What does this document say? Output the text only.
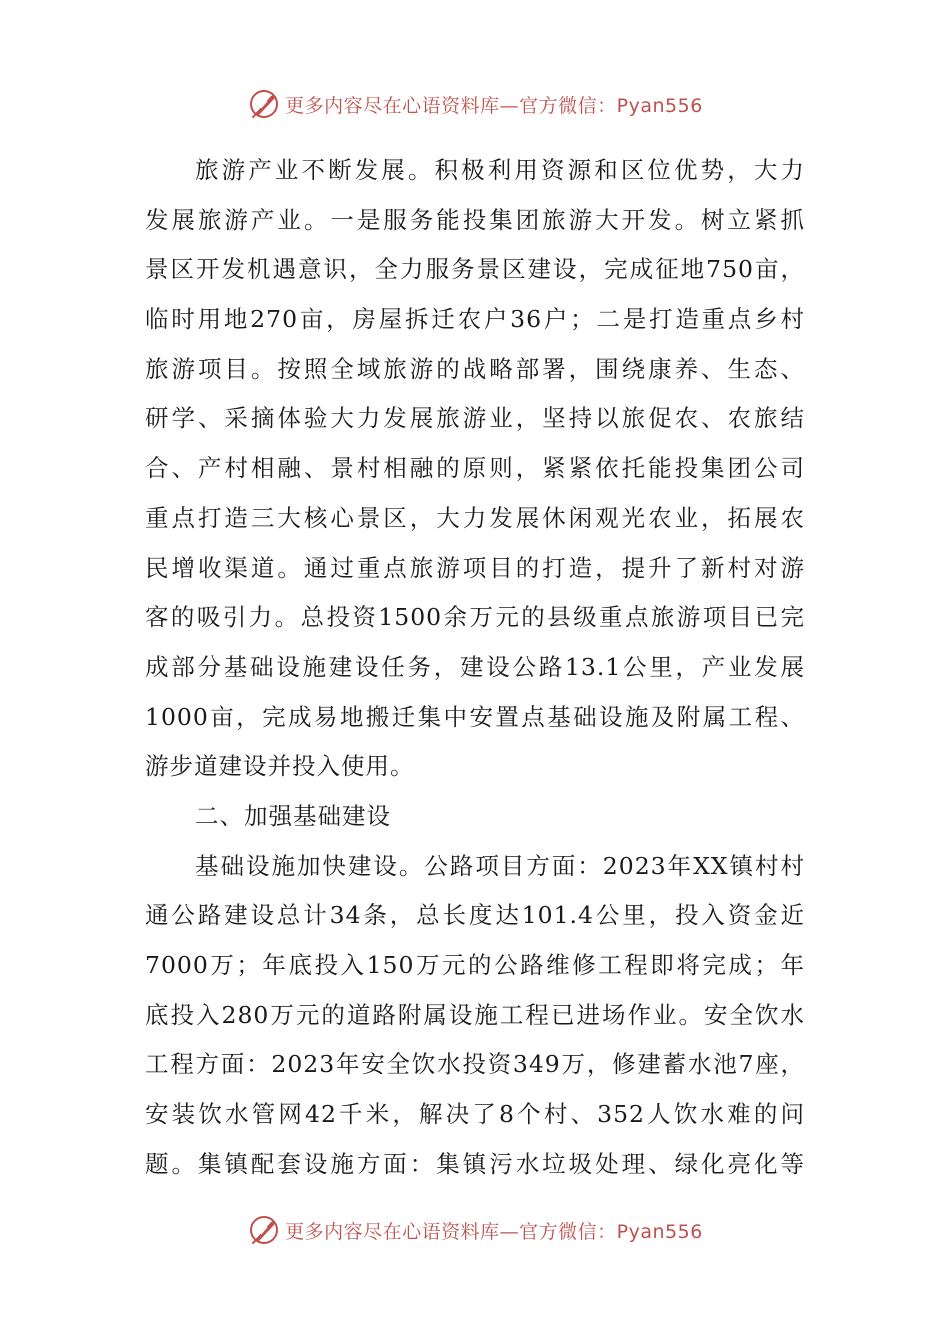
更多内容尽在心语资料库—官方微信：Pyan556
旅游产业不断发展。积极利用资源和区位优势，大力
发展旅游产业。一是服务能投集团旅游大开发。树立紧抓
景区开发机遇意识，全力服务景区建设，完成征地750亩，
临时用地270亩，房屋拆迁农户36户；二是打造重点乡村
旅游项目。按照全域旅游的战略部署，围绕康养、生态、
研学、采摘体验大力发展旅游业，坚持以旅促农、农旅结
合、产村相融、景村相融的原则，紧紧依托能投集团公司
重点打造三大核心景区，大力发展休闲观光农业，拓展农
民增收渠道。通过重点旅游项目的打造，提升了新村对游
客的吸引力。总投资1500余万元的县级重点旅游项目已完
成部分基础设施建设任务，建设公路13.1公里，产业发展
1000亩，完成易地搬迁集中安置点基础设施及附属工程、
游步道建设并投入使用。
二、加强基础建设
基础设施加快建设。公路项目方面：2023年XX镇村村
通公路建设总计34条，总长度达101.4公里，投入资金近
7000万；年底投入150万元的公路维修工程即将完成；年
底投入280万元的道路附属设施工程已进场作业。安全饮水
工程方面：2023年安全饮水投资349万，修建蓄水池7座，
安装饮水管网42千米，解决了8个村、352人饮水难的问
题。集镇配套设施方面：集镇污水垃圾处理、绿化亮化等
更多内容尽在心语资料库—官方微信：Pyan556
